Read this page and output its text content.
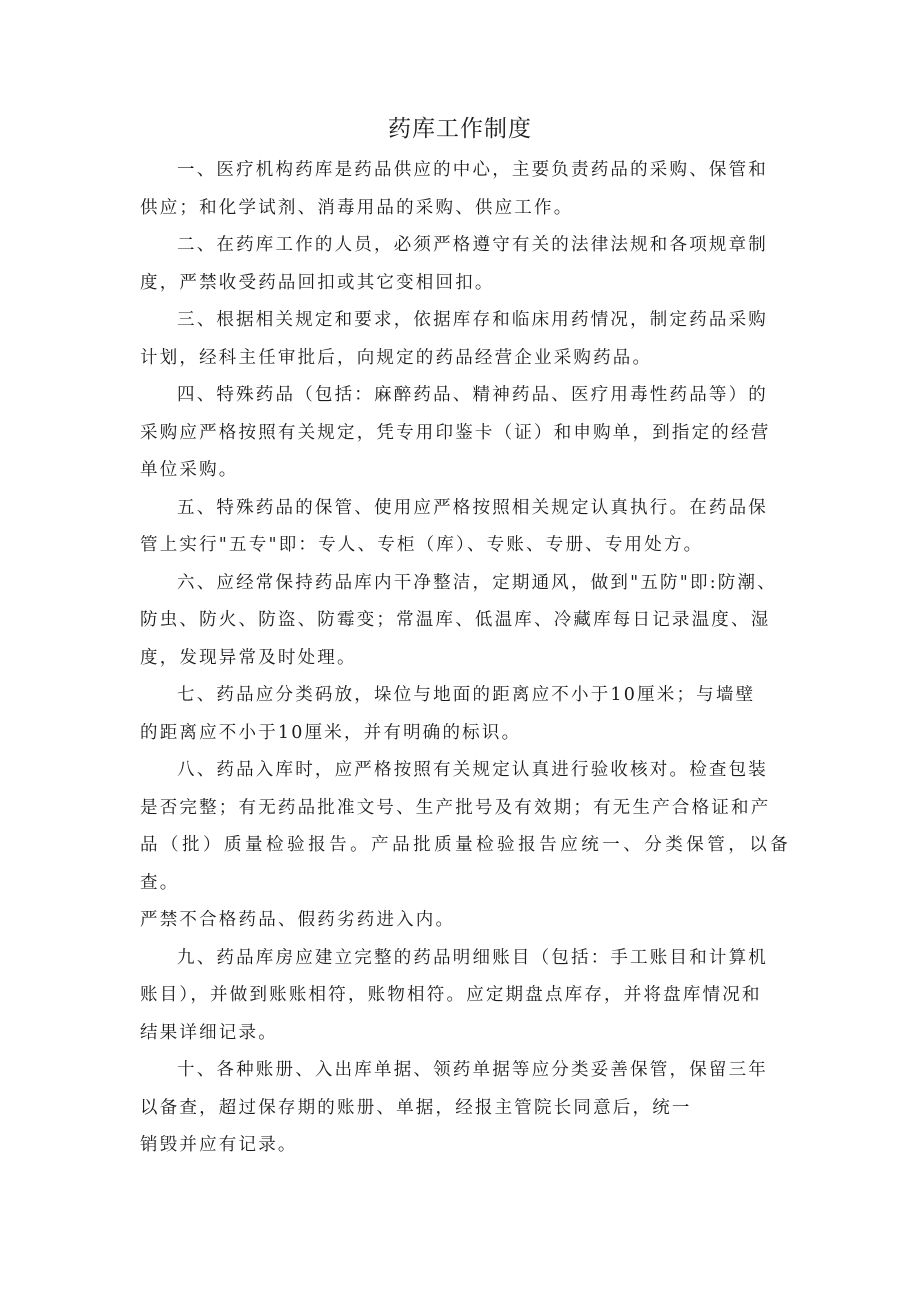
药库工作制度

一、医疗机构药库是药品供应的中心，主要负责药品的采购、保管和
供应；和化学试剂、消毒用品的采购、供应工作。

二、在药库工作的人员，必须严格遵守有关的法律法规和各项规章制
度，严禁收受药品回扣或其它变相回扣。

三、根据相关规定和要求，依据库存和临床用药情况，制定药品采购
计划，经科主任审批后，向规定的药品经营企业采购药品。

四、特殊药品（包括：麻醉药品、精神药品、医疗用毒性药品等）的
采购应严格按照有关规定，凭专用印鉴卡（证）和申购单，到指定的经营
单位采购。

五、特殊药品的保管、使用应严格按照相关规定认真执行。在药品保
管上实行"五专"即：专人、专柜（库）、专账、专册、专用处方。

六、应经常保持药品库内干净整洁，定期通风，做到"五防"即:防潮、
防虫、防火、防盗、防霉变；常温库、低温库、冷藏库每日记录温度、湿
度，发现异常及时处理。

七、药品应分类码放，垛位与地面的距离应不小于10厘米；与墙壁
的距离应不小于10厘米，并有明确的标识。

八、药品入库时，应严格按照有关规定认真进行验收核对。检查包装
是否完整；有无药品批准文号、生产批号及有效期；有无生产合格证和产
品（批）质量检验报告。产品批质量检验报告应统一、分类保管，以备查。
严禁不合格药品、假药劣药进入内。

九、药品库房应建立完整的药品明细账目（包括：手工账目和计算机
账目），并做到账账相符，账物相符。应定期盘点库存，并将盘库情况和
结果详细记录。

十、各种账册、入出库单据、领药单据等应分类妥善保管，保留三年
以备查，超过保存期的账册、单据，经报主管院长同意后，统一
销毁并应有记录。
